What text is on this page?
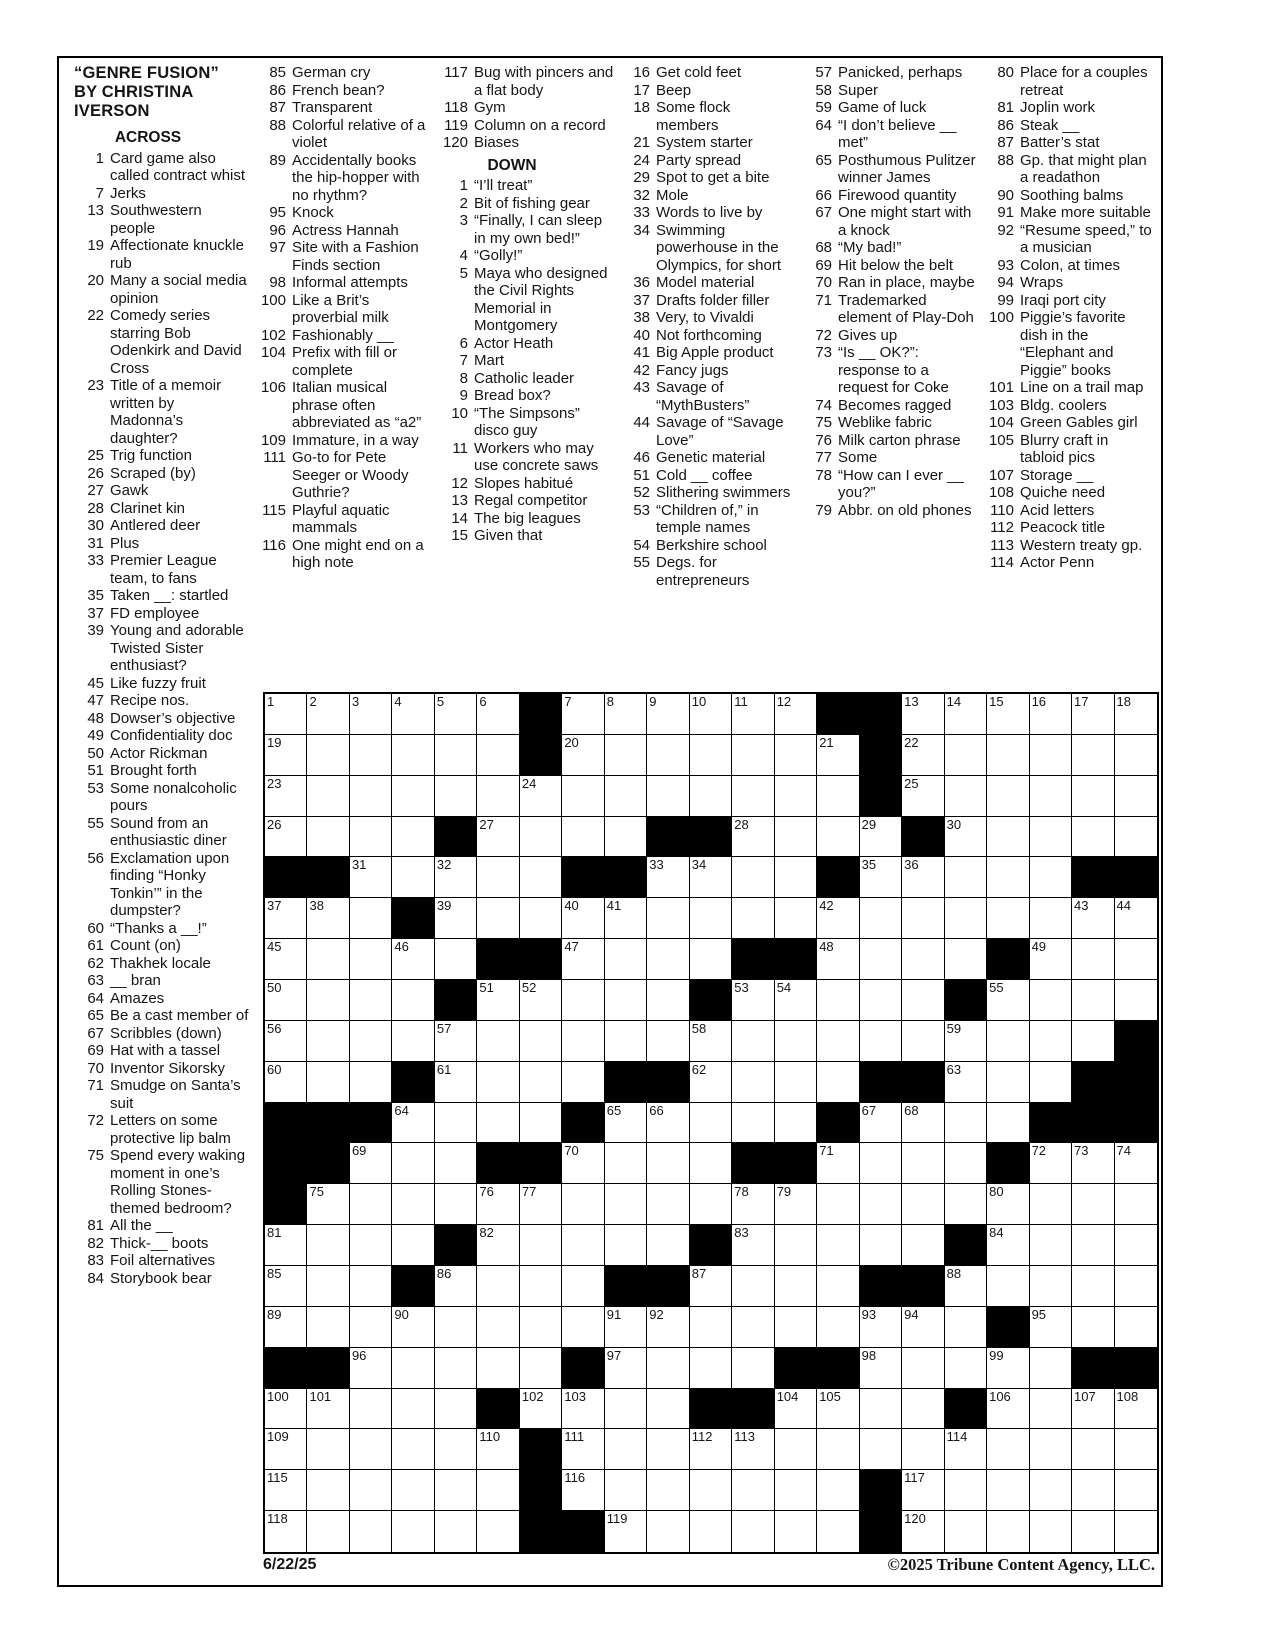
“GENRE FUSION”
BY CHRISTINA
IVERSON
ACROSS
1 Card game also called contract whist
7 Jerks
13 Southwestern people
19 Affectionate knuckle rub
20 Many a social media opinion
22 Comedy series starring Bob Odenkirk and David Cross
23 Title of a memoir written by Madonna’s daughter?
25 Trig function
26 Scraped (by)
27 Gawk
28 Clarinet kin
30 Antlered deer
31 Plus
33 Premier League team, to fans
35 Taken __: startled
37 FD employee
39 Young and adorable Twisted Sister enthusiast?
45 Like fuzzy fruit
47 Recipe nos.
48 Dowser’s objective
49 Confidentiality doc
50 Actor Rickman
51 Brought forth
53 Some nonalcoholic pours
55 Sound from an enthusiastic diner
56 Exclamation upon finding “Honky Tonkin’” in the dumpster?
60 “Thanks a __!”
61 Count (on)
62 Thakhek locale
63 __ bran
64 Amazes
65 Be a cast member of
67 Scribbles (down)
69 Hat with a tassel
70 Inventor Sikorsky
71 Smudge on Santa’s suit
72 Letters on some protective lip balm
75 Spend every waking moment in one’s Rolling Stones-themed bedroom?
81 All the __
82 Thick-__ boots
83 Foil alternatives
84 Storybook bear
85 German cry
86 French bean?
87 Transparent
88 Colorful relative of a violet
89 Accidentally books the hip-hopper with no rhythm?
95 Knock
96 Actress Hannah
97 Site with a Fashion Finds section
98 Informal attempts
100 Like a Brit’s proverbial milk
102 Fashionably __
104 Prefix with fill or complete
106 Italian musical phrase often abbreviated as “a2”
109 Immature, in a way
111 Go-to for Pete Seeger or Woody Guthrie?
115 Playful aquatic mammals
116 One might end on a high note
117 Bug with pincers and a flat body
118 Gym
119 Column on a record
120 Biases
DOWN
1 “I’ll treat”
2 Bit of fishing gear
3 “Finally, I can sleep in my own bed!”
4 “Golly!”
5 Maya who designed the Civil Rights Memorial in Montgomery
6 Actor Heath
7 Mart
8 Catholic leader
9 Bread box?
10 “The Simpsons” disco guy
11 Workers who may use concrete saws
12 Slopes habitué
13 Regal competitor
14 The big leagues
15 Given that
16 Get cold feet
17 Beep
18 Some flock members
21 System starter
24 Party spread
29 Spot to get a bite
32 Mole
33 Words to live by
34 Swimming powerhouse in the Olympics, for short
36 Model material
37 Drafts folder filler
38 Very, to Vivaldi
40 Not forthcoming
41 Big Apple product
42 Fancy jugs
43 Savage of “MythBusters”
44 Savage of “Savage Love”
46 Genetic material
51 Cold __ coffee
52 Slithering swimmers
53 “Children of,” in temple names
54 Berkshire school
55 Degs. for entrepreneurs
57 Panicked, perhaps
58 Super
59 Game of luck
64 “I don’t believe __ met”
65 Posthumous Pulitzer winner James
66 Firewood quantity
67 One might start with a knock
68 “My bad!”
69 Hit below the belt
70 Ran in place, maybe
71 Trademarked element of Play-Doh
72 Gives up
73 “Is __ OK?”: response to a request for Coke
74 Becomes ragged
75 Weblike fabric
76 Milk carton phrase
77 Some
78 “How can I ever __ you?”
79 Abbr. on old phones
80 Place for a couples retreat
81 Joplin work
86 Steak __
87 Batter’s stat
88 Gp. that might plan a readathon
90 Soothing balms
91 Make more suitable
92 “Resume speed,” to a musician
93 Colon, at times
94 Wraps
99 Iraqi port city
100 Piggie’s favorite dish in the “Elephant and Piggie” books
101 Line on a trail map
103 Bldg. coolers
104 Green Gables girl
105 Blurry craft in tabloid pics
107 Storage __
108 Quiche need
110 Acid letters
112 Peacock title
113 Western treaty gp.
114 Actor Penn
1	2	3	4	5	6	7	8	9	10 11 12	13 14 15 16 17 18
19	20	21	22
23	24	25
26	27	28	29	30
31	32	33 34	35 36
37 38	39	40 41	42	43 44
45	46	47	48	49
50	51 52	53 54	55
56	57	58	59
60	61	62	63
64	65 66	67 68
69	70	71	72 73 74
75	76 77	78 79	80
81	82	83	84
85	86	87	88
89	90	91 92	93 94	95
96	97	98	99
100 101	102 103	104 105	106	107 108
109	110	111	112 113	114
115	116	117
118	119	120
6/22/25	©2025 Tribune Content Agency, LLC.
